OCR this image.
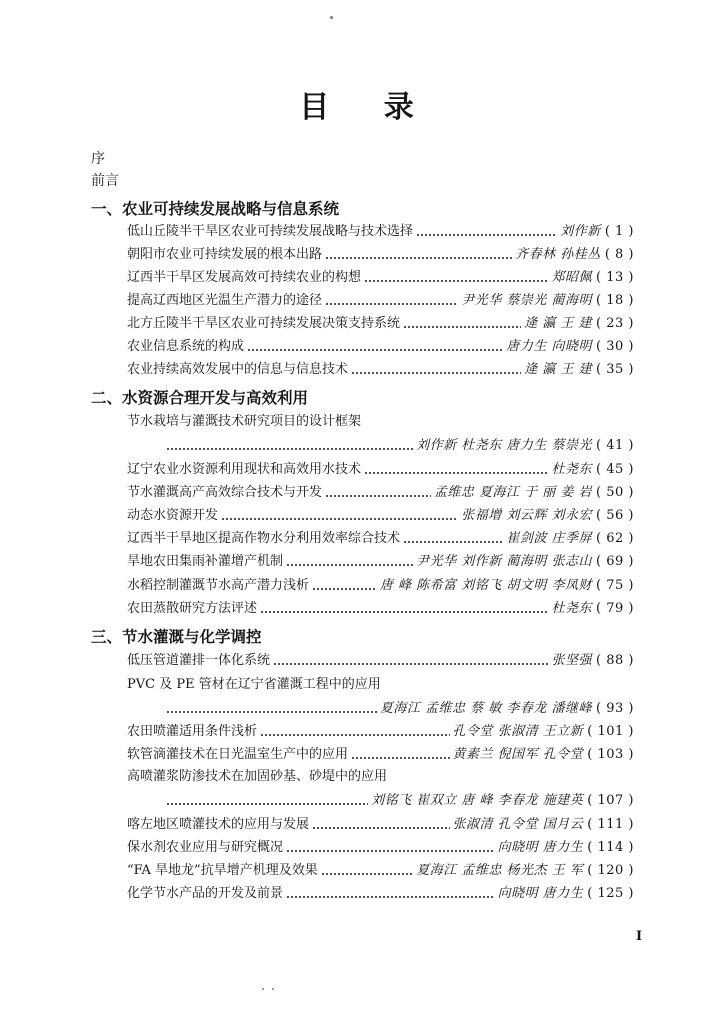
目 录
序
前言
一、农业可持续发展战略与信息系统
低山丘陵半干旱区农业可持续发展战略与技术选择	刘作新 ( 1 )
朝阳市农业可持续发展的根本出路	齐春林 孙桂丛 ( 8 )
辽西半干旱区发展高效可持续农业的构想	郑昭佩 ( 13 )
提高辽西地区光温生产潜力的途径	尹光华 蔡崇光 蔺海明 ( 18 )
北方丘陵半干旱区农业可持续发展决策支持系统	逄 瀛 王 建 ( 23 )
农业信息系统的构成	唐力生 向晓明 ( 30 )
农业持续高效发展中的信息与信息技术	逄 瀛 王 建 ( 35 )
二、水资源合理开发与高效利用
节水栽培与灌溉技术研究项目的设计框架
刘作新 杜尧东 唐力生 蔡崇光 ( 41 )
辽宁农业水资源利用现状和高效用水技术	杜尧东 ( 45 )
节水灌溉高产高效综合技术与开发	孟维忠 夏海江 于 丽 姜 岩 ( 50 )
动态水资源开发	张福增 刘云辉 刘永宏 ( 56 )
辽西半干旱地区提高作物水分利用效率综合技术	崔剑波 庄季屏 ( 62 )
旱地农田集雨补灌增产机制	尹光华 刘作新 蔺海明 张志山 ( 69 )
水稻控制灌溉节水高产潜力浅析	唐 峰 陈希富 刘铭飞 胡文明 李凤财 ( 75 )
农田蒸散研究方法评述	杜尧东 ( 79 )
三、节水灌溉与化学调控
低压管道灌排一体化系统	张坚强 ( 88 )
PVC 及 PE 管材在辽宁省灌溉工程中的应用
夏海江 孟维忠 蔡 敏 李春龙 潘继峰 ( 93 )
农田喷灌适用条件浅析	孔令堂 张淑清 王立新 ( 101 )
软管滴灌技术在日光温室生产中的应用	黄素兰 倪国军 孔令堂 ( 103 )
高喷灌浆防渗技术在加固砂基、砂堤中的应用
刘铭飞 崔双立 唐 峰 李春龙 施建英 ( 107 )
喀左地区喷灌技术的应用与发展	张淑清 孔令堂 国月云 ( 111 )
保水剂农业应用与研究概况	向晓明 唐力生 ( 114 )
“FA 旱地龙”抗旱增产机理及效果	夏海江 孟维忠 杨光杰 王 军 ( 120 )
化学节水产品的开发及前景	向晓明 唐力生 ( 125 )
I
